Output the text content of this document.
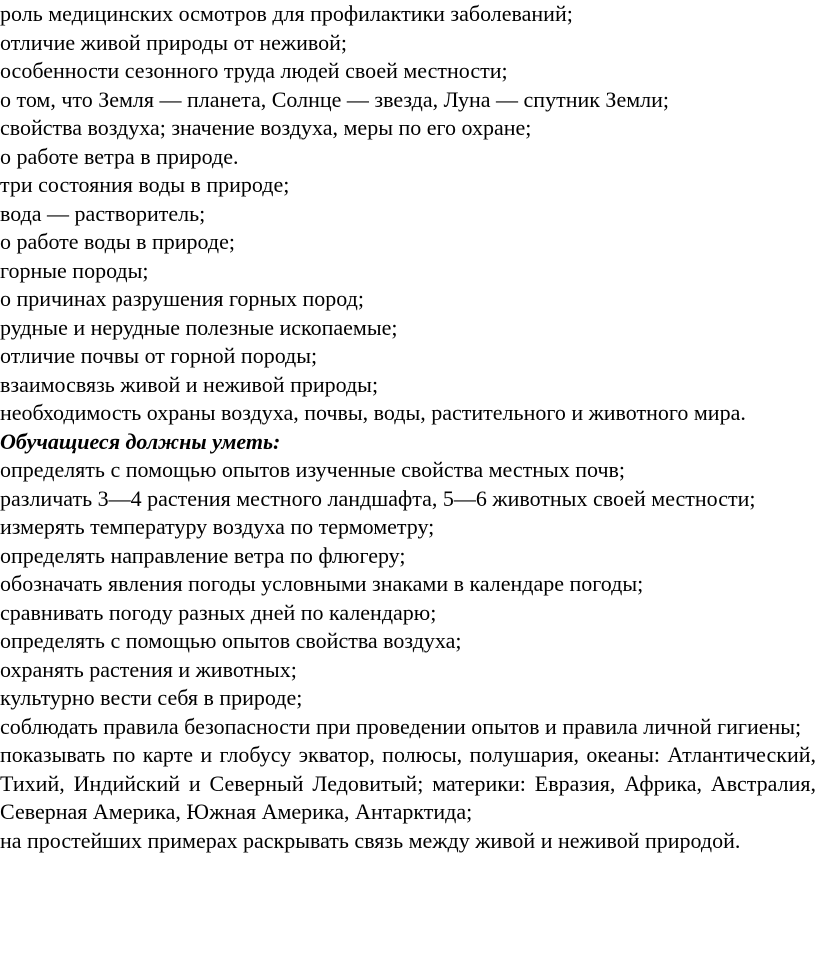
роль медицинских осмотров для профилактики заболеваний;
отличие живой природы от неживой;
особенности сезонного труда людей своей местности;
о том, что Земля — планета, Солнце — звезда, Луна — спутник Земли;
свойства воздуха; значение воздуха, меры по его охране;
о работе ветра в природе.
три состояния воды в природе;
вода — растворитель;
о работе воды в природе;
горные породы;
о причинах разрушения горных пород;
рудные и нерудные полезные ископаемые;
отличие почвы от горной породы;
взаимосвязь живой и неживой природы;
необходимость охраны воздуха, почвы, воды, растительного и животного мира.
Обучащиеся должны уметь:
определять с помощью опытов изученные свойства местных почв;
различать 3—4 растения местного ландшафта, 5—6 животных своей местности;
измерять температуру воздуха по термометру;
определять направление ветра по флюгеру;
обозначать явления погоды условными знаками в календаре погоды;
сравнивать погоду разных дней по календарю;
определять с помощью опытов свойства воздуха;
охранять растения и животных;
культурно вести себя в природе;
соблюдать правила безопасности при проведении опытов и правила личной гигиены;
показывать по карте и глобусу экватор, полюсы, полушария, океаны: Атлантический, Тихий, Индийский и Северный Ледовитый; материки: Евразия, Африка, Австралия, Северная Америка, Южная Америка, Антарктида;
на простейших примерах раскрывать связь между живой и неживой природой.
